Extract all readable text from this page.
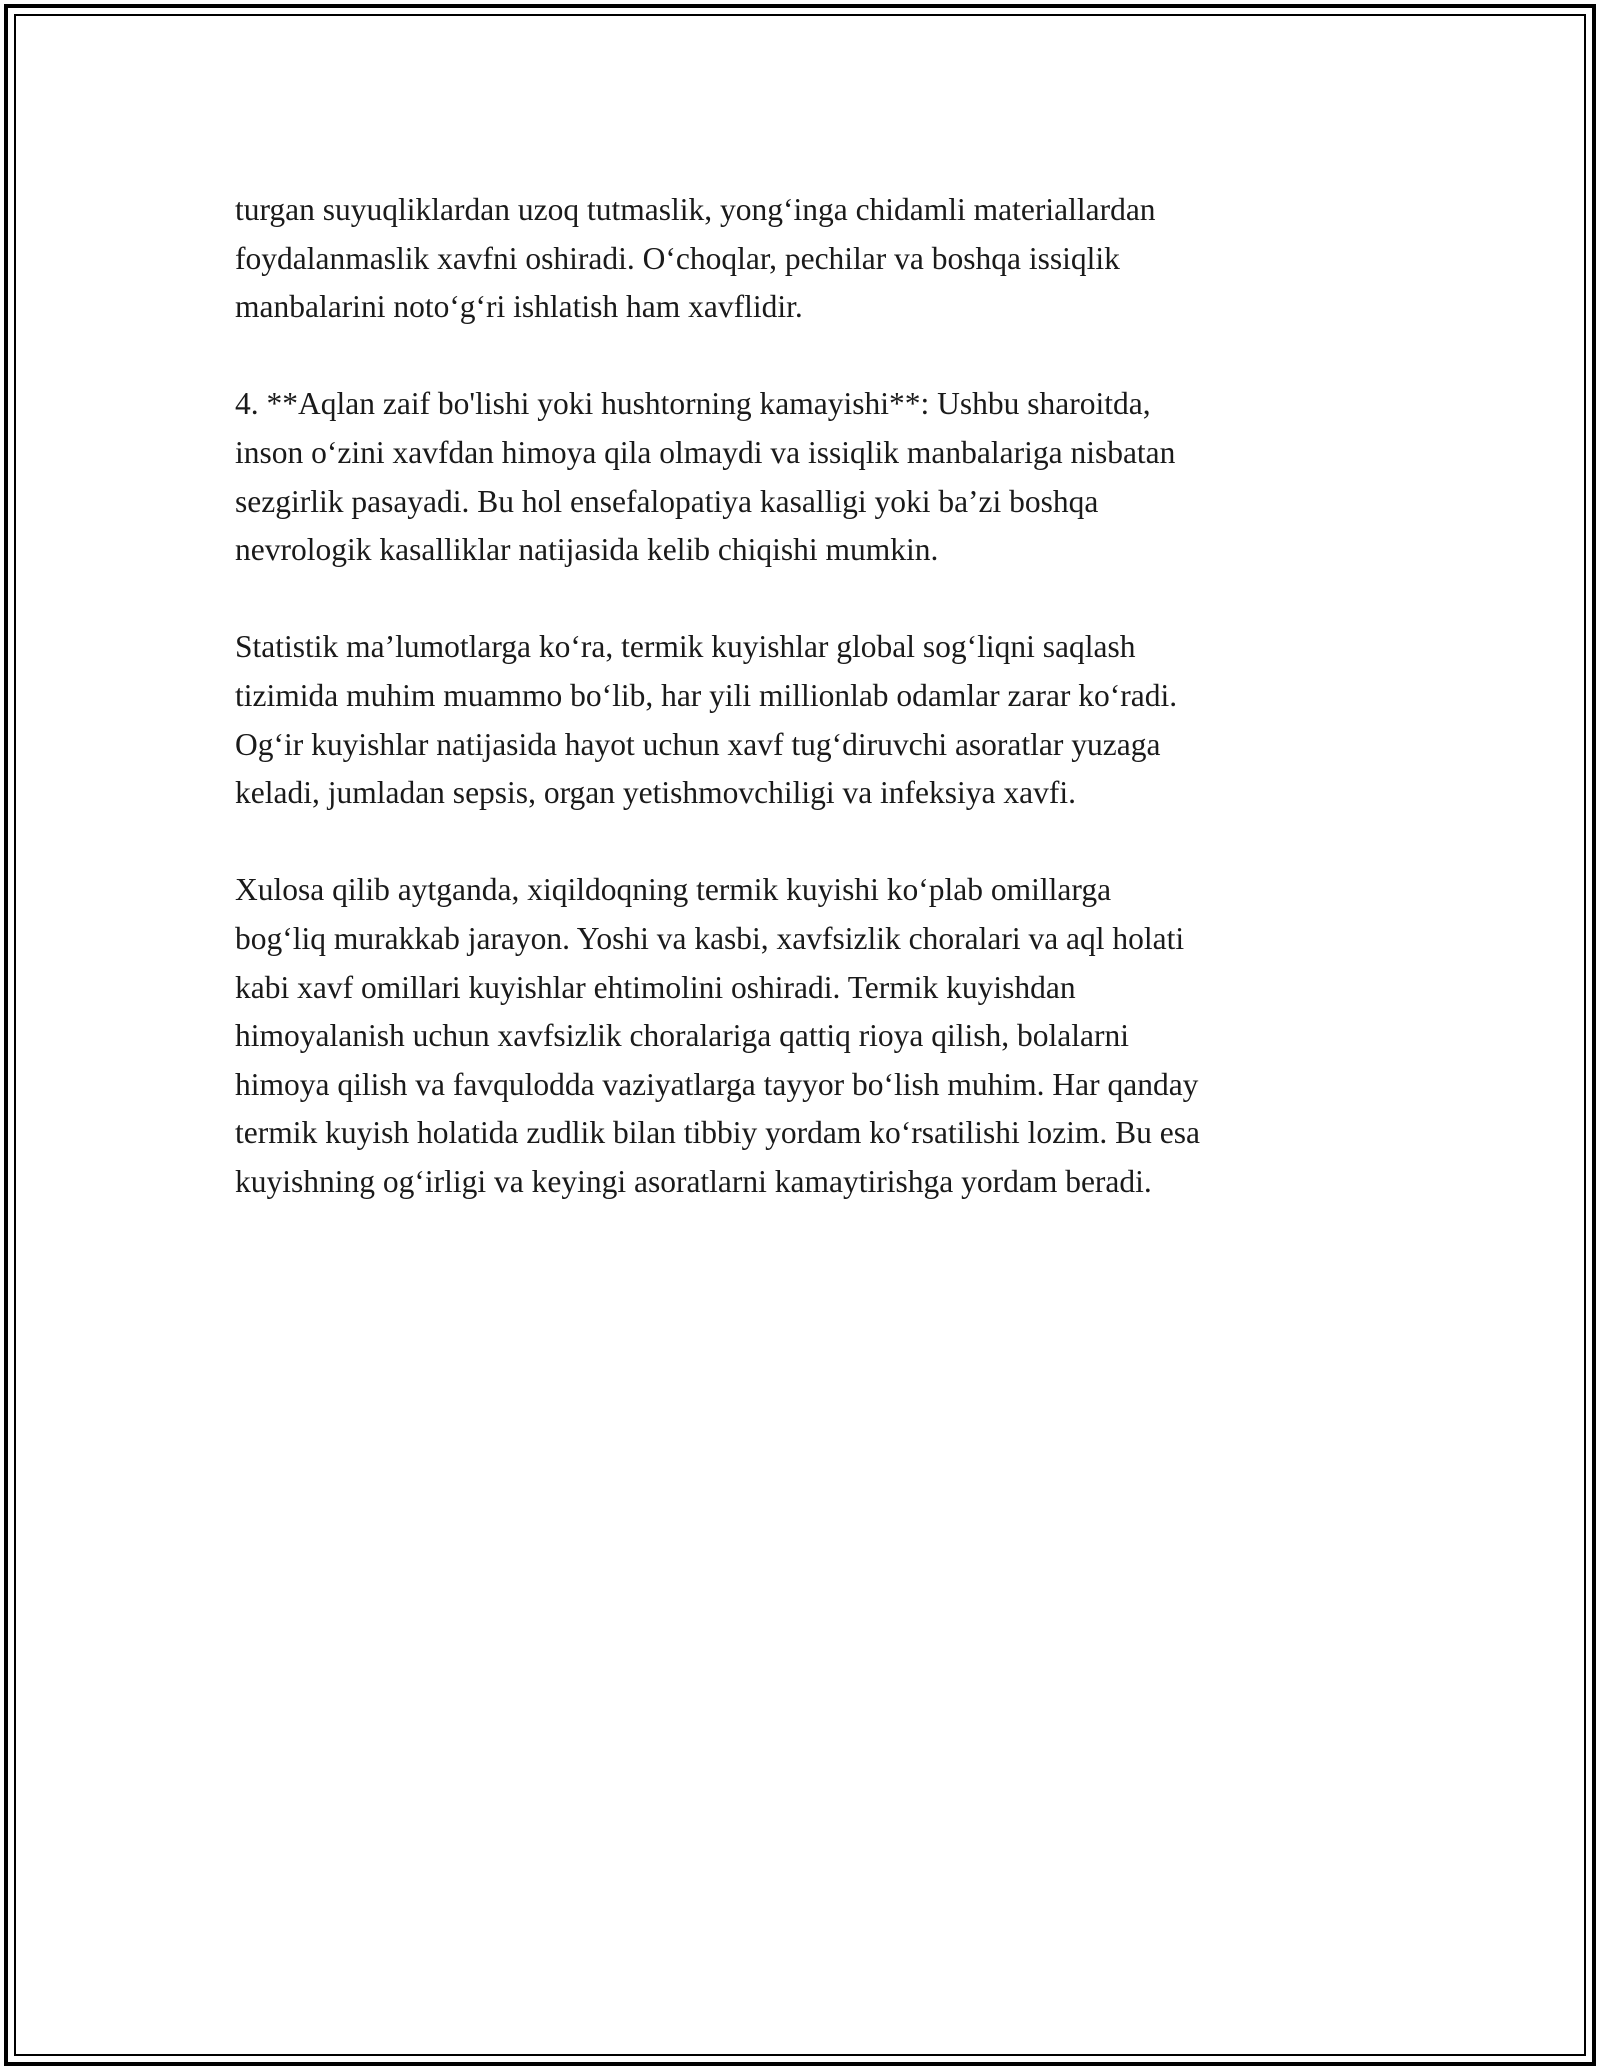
turgan suyuqliklardan uzoq tutmaslik, yong‘inga chidamli materiallardan
foydalanmaslik xavfni oshiradi. O‘choqlar, pechilar va boshqa issiqlik
manbalarini noto‘g‘ri ishlatish ham xavflidir.

4. **Aqlan zaif bo'lishi yoki hushtorning kamayishi**: Ushbu sharoitda,
inson o‘zini xavfdan himoya qila olmaydi va issiqlik manbalariga nisbatan
sezgirlik pasayadi. Bu hol ensefalopatiya kasalligi yoki ba’zi boshqa
nevrologik kasalliklar natijasida kelib chiqishi mumkin.

Statistik ma’lumotlarga ko‘ra, termik kuyishlar global sog‘liqni saqlash
tizimida muhim muammo bo‘lib, har yili millionlab odamlar zarar ko‘radi.
Og‘ir kuyishlar natijasida hayot uchun xavf tug‘diruvchi asoratlar yuzaga
keladi, jumladan sepsis, organ yetishmovchiligi va infeksiya xavfi.

Xulosa qilib aytganda, xiqildoqning termik kuyishi ko‘plab omillarga
bog‘liq murakkab jarayon. Yoshi va kasbi, xavfsizlik choralari va aql holati
kabi xavf omillari kuyishlar ehtimolini oshiradi. Termik kuyishdan
himoyalanish uchun xavfsizlik choralariga qattiq rioya qilish, bolalarni
himoya qilish va favqulodda vaziyatlarga tayyor bo‘lish muhim. Har qanday
termik kuyish holatida zudlik bilan tibbiy yordam ko‘rsatilishi lozim. Bu esa
kuyishning og‘irligi va keyingi asoratlarni kamaytirishga yordam beradi.
